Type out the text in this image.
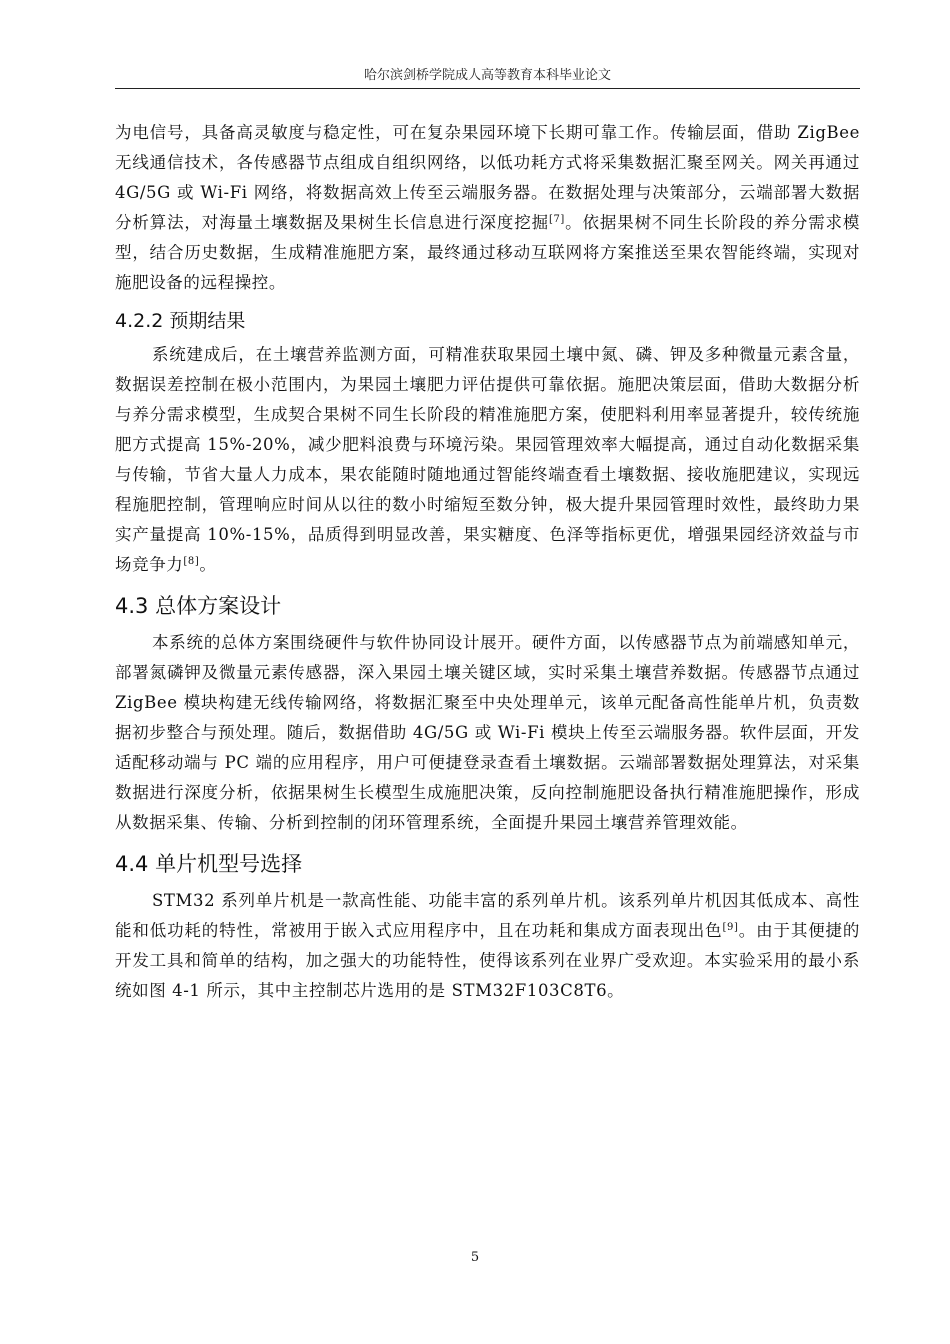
哈尔滨剑桥学院成人高等教育本科毕业论文

为电信号，具备高灵敏度与稳定性，可在复杂果园环境下长期可靠工作。传输层面，借助 ZigBee 无线通信技术，各传感器节点组成自组织网络，以低功耗方式将采集数据汇聚至网关。网关再通过 4G/5G 或 Wi-Fi 网络，将数据高效上传至云端服务器。在数据处理与决策部分，云端部署大数据分析算法，对海量土壤数据及果树生长信息进行深度挖掘[7]。依据果树不同生长阶段的养分需求模型，结合历史数据，生成精准施肥方案，最终通过移动互联网将方案推送至果农智能终端，实现对施肥设备的远程操控。

4.2.2 预期结果

系统建成后，在土壤营养监测方面，可精准获取果园土壤中氮、磷、钾及多种微量元素含量，数据误差控制在极小范围内，为果园土壤肥力评估提供可靠依据。施肥决策层面，借助大数据分析与养分需求模型，生成契合果树不同生长阶段的精准施肥方案，使肥料利用率显著提升，较传统施肥方式提高 15%-20%，减少肥料浪费与环境污染。果园管理效率大幅提高，通过自动化数据采集与传输，节省大量人力成本，果农能随时随地通过智能终端查看土壤数据、接收施肥建议，实现远程施肥控制，管理响应时间从以往的数小时缩短至数分钟，极大提升果园管理时效性，最终助力果实产量提高 10%-15%，品质得到明显改善，果实糖度、色泽等指标更优，增强果园经济效益与市场竞争力[8]。

4.3 总体方案设计

本系统的总体方案围绕硬件与软件协同设计展开。硬件方面，以传感器节点为前端感知单元，部署氮磷钾及微量元素传感器，深入果园土壤关键区域，实时采集土壤营养数据。传感器节点通过 ZigBee 模块构建无线传输网络，将数据汇聚至中央处理单元，该单元配备高性能单片机，负责数据初步整合与预处理。随后，数据借助 4G/5G 或 Wi-Fi 模块上传至云端服务器。软件层面，开发适配移动端与 PC 端的应用程序，用户可便捷登录查看土壤数据。云端部署数据处理算法，对采集数据进行深度分析，依据果树生长模型生成施肥决策，反向控制施肥设备执行精准施肥操作，形成从数据采集、传输、分析到控制的闭环管理系统，全面提升果园土壤营养管理效能。

4.4 单片机型号选择

STM32 系列单片机是一款高性能、功能丰富的系列单片机。该系列单片机因其低成本、高性能和低功耗的特性，常被用于嵌入式应用程序中，且在功耗和集成方面表现出色[9]。由于其便捷的开发工具和简单的结构，加之强大的功能特性，使得该系列在业界广受欢迎。本实验采用的最小系统如图 4-1 所示，其中主控制芯片选用的是 STM32F103C8T6。

5
